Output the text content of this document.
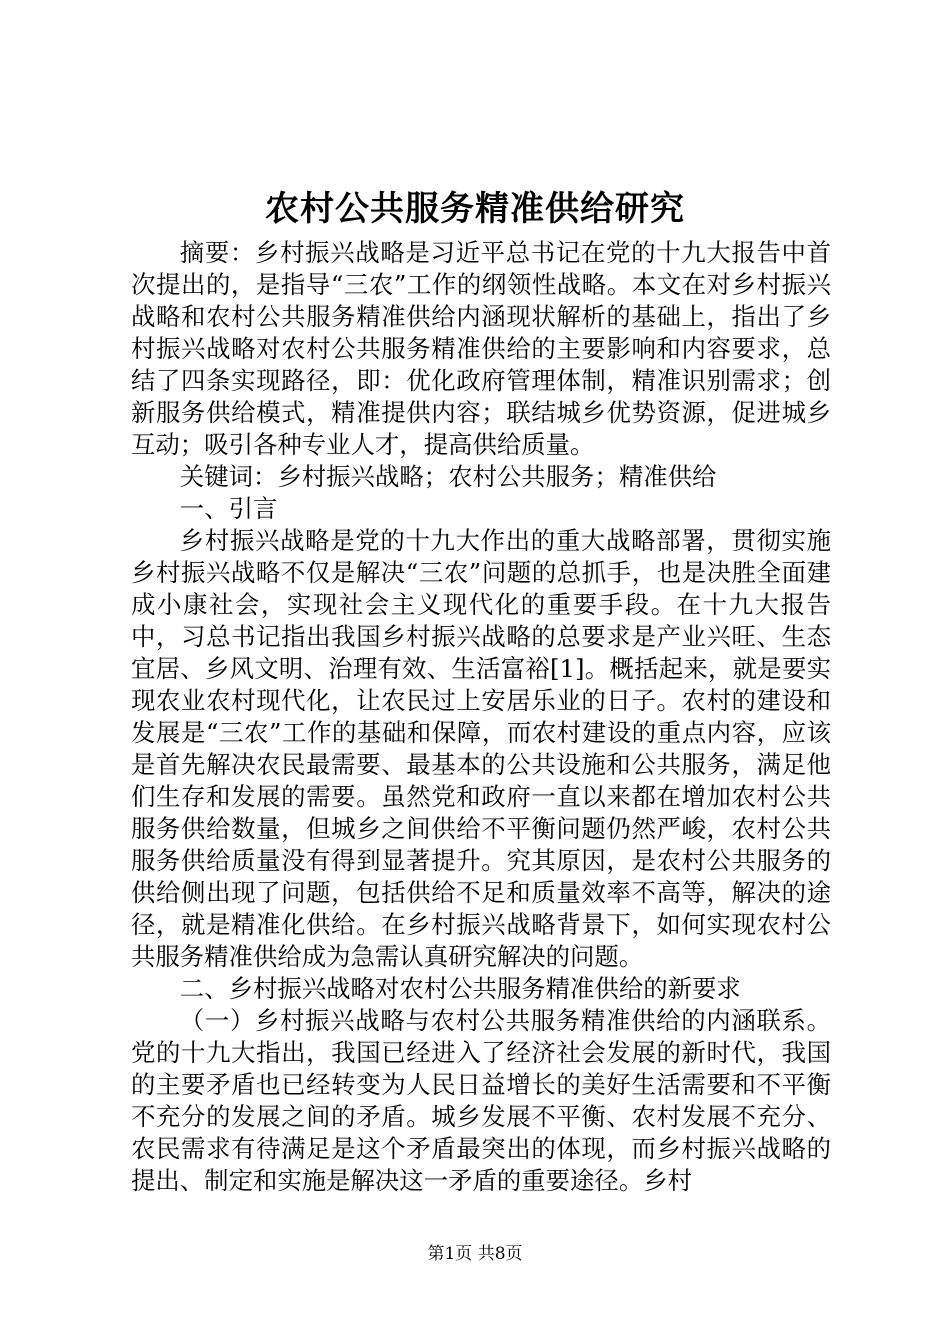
农村公共服务精准供给研究

摘要：乡村振兴战略是习近平总书记在党的十九大报告中首次提出的，是指导“三农”工作的纲领性战略。本文在对乡村振兴战略和农村公共服务精准供给内涵现状解析的基础上，指出了乡村振兴战略对农村公共服务精准供给的主要影响和内容要求，总结了四条实现路径，即：优化政府管理体制，精准识别需求；创新服务供给模式，精准提供内容；联结城乡优势资源，促进城乡互动；吸引各种专业人才，提高供给质量。

关键词：乡村振兴战略；农村公共服务；精准供给

一、引言

乡村振兴战略是党的十九大作出的重大战略部署，贯彻实施乡村振兴战略不仅是解决“三农”问题的总抓手，也是决胜全面建成小康社会，实现社会主义现代化的重要手段。在十九大报告中，习总书记指出我国乡村振兴战略的总要求是产业兴旺、生态宜居、乡风文明、治理有效、生活富裕[1]。概括起来，就是要实现农业农村现代化，让农民过上安居乐业的日子。农村的建设和发展是“三农”工作的基础和保障，而农村建设的重点内容，应该是首先解决农民最需要、最基本的公共设施和公共服务，满足他们生存和发展的需要。虽然党和政府一直以来都在增加农村公共服务供给数量，但城乡之间供给不平衡问题仍然严峻，农村公共服务供给质量没有得到显著提升。究其原因，是农村公共服务的供给侧出现了问题，包括供给不足和质量效率不高等，解决的途径，就是精准化供给。在乡村振兴战略背景下，如何实现农村公共服务精准供给成为急需认真研究解决的问题。

二、乡村振兴战略对农村公共服务精准供给的新要求

（一）乡村振兴战略与农村公共服务精准供给的内涵联系。党的十九大指出，我国已经进入了经济社会发展的新时代，我国的主要矛盾也已经转变为人民日益增长的美好生活需要和不平衡不充分的发展之间的矛盾。城乡发展不平衡、农村发展不充分、农民需求有待满足是这个矛盾最突出的体现，而乡村振兴战略的提出、制定和实施是解决这一矛盾的重要途径。乡村

第1页 共8页
